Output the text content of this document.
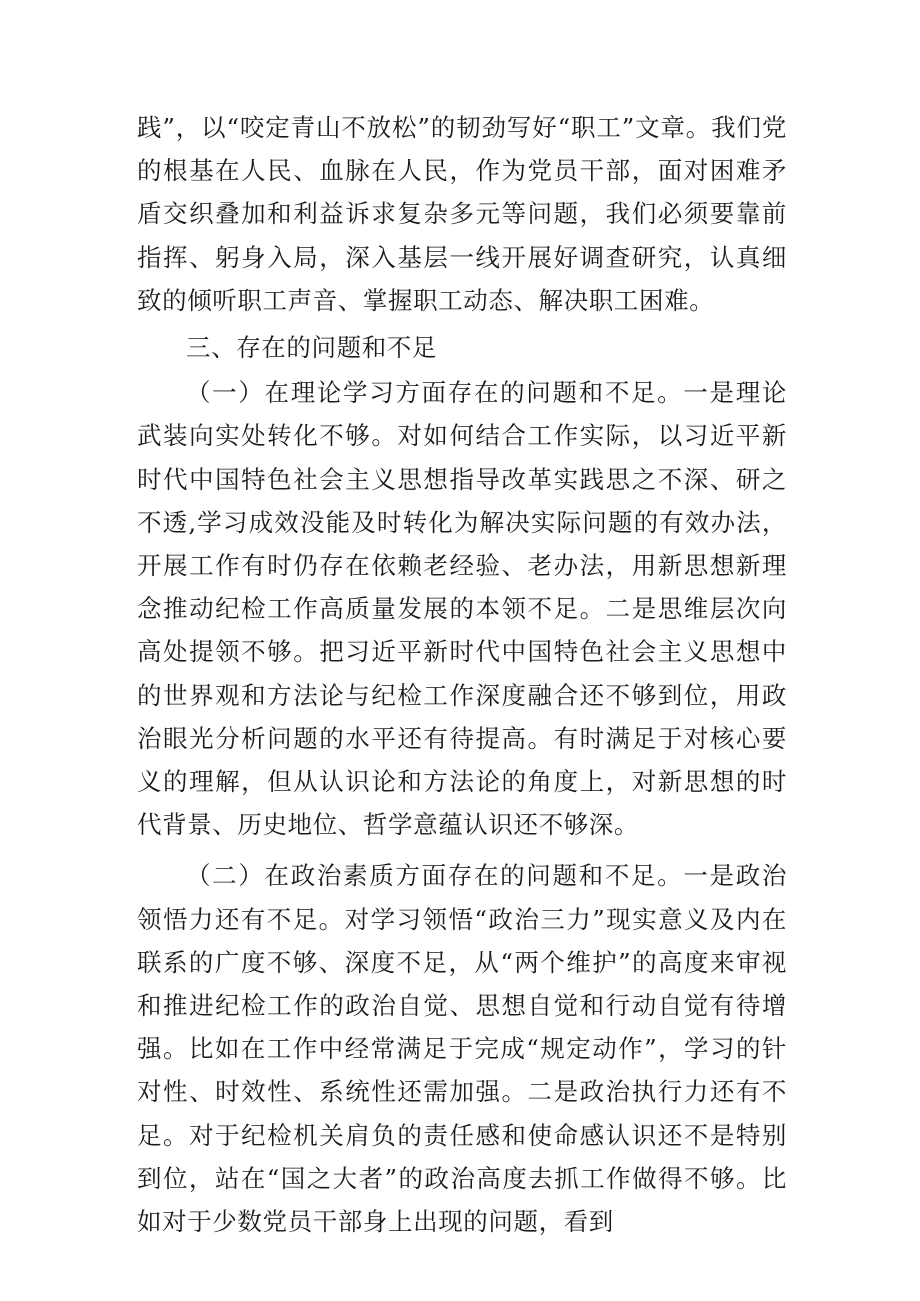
践”，以“咬定青山不放松”的韧劲写好“职工”文章。我们党的根基在人民、血脉在人民，作为党员干部，面对困难矛盾交织叠加和利益诉求复杂多元等问题，我们必须要靠前指挥、躬身入局，深入基层一线开展好调查研究，认真细致的倾听职工声音、掌握职工动态、解决职工困难。

三、存在的问题和不足

（一）在理论学习方面存在的问题和不足。一是理论武装向实处转化不够。对如何结合工作实际，以习近平新时代中国特色社会主义思想指导改革实践思之不深、研之不透,学习成效没能及时转化为解决实际问题的有效办法，开展工作有时仍存在依赖老经验、老办法，用新思想新理念推动纪检工作高质量发展的本领不足。二是思维层次向高处提领不够。把习近平新时代中国特色社会主义思想中的世界观和方法论与纪检工作深度融合还不够到位，用政治眼光分析问题的水平还有待提高。有时满足于对核心要义的理解，但从认识论和方法论的角度上，对新思想的时代背景、历史地位、哲学意蕴认识还不够深。

（二）在政治素质方面存在的问题和不足。一是政治领悟力还有不足。对学习领悟“政治三力”现实意义及内在联系的广度不够、深度不足，从“两个维护”的高度来审视和推进纪检工作的政治自觉、思想自觉和行动自觉有待增强。比如在工作中经常满足于完成“规定动作”，学习的针对性、时效性、系统性还需加强。二是政治执行力还有不足。对于纪检机关肩负的责任感和使命感认识还不是特别到位，站在“国之大者”的政治高度去抓工作做得不够。比如对于少数党员干部身上出现的问题，看到
